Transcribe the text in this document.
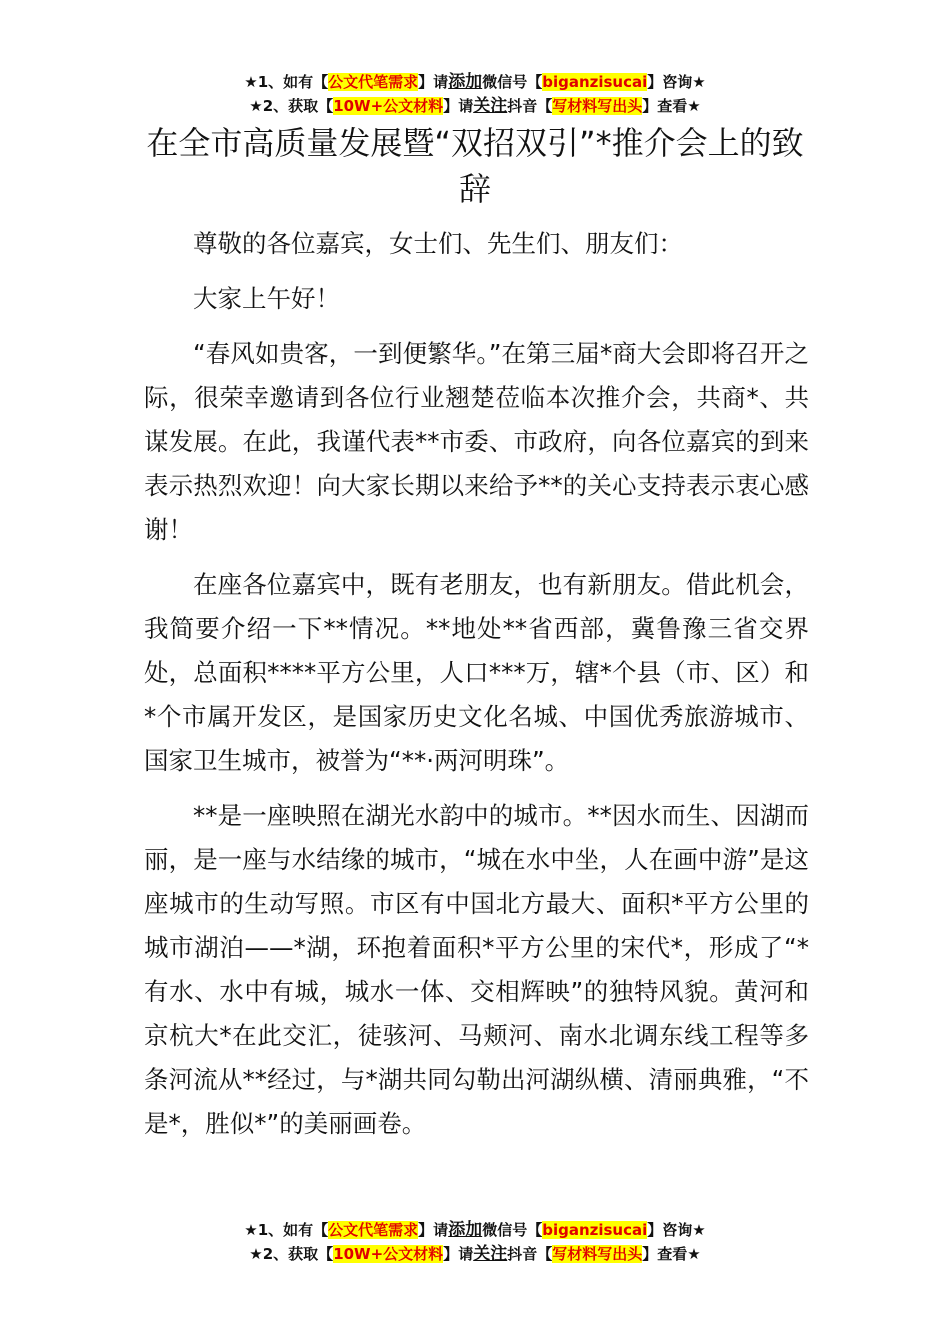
★1、如有【公文代笔需求】请添加微信号【biganzisucai】咨询★
★2、获取【10W+公文材料】请关注抖音【写材料写出头】查看★
在全市高质量发展暨“双招双引”*推介会上的致辞

尊敬的各位嘉宾，女士们、先生们、朋友们：

大家上午好！

“春风如贵客，一到便繁华。”在第三届*商大会即将召开之际，很荣幸邀请到各位行业翘楚莅临本次推介会，共商*、共谋发展。在此，我谨代表**市委、市政府，向各位嘉宾的到来表示热烈欢迎！向大家长期以来给予**的关心支持表示衷心感谢！

在座各位嘉宾中，既有老朋友，也有新朋友。借此机会，我简要介绍一下**情况。**地处**省西部，冀鲁豫三省交界处，总面积****平方公里，人口***万，辖*个县（市、区）和*个市属开发区，是国家历史文化名城、中国优秀旅游城市、国家卫生城市，被誉为“**·两河明珠”。

**是一座映照在湖光水韵中的城市。**因水而生、因湖而丽，是一座与水结缘的城市，“城在水中坐，人在画中游”是这座城市的生动写照。市区有中国北方最大、面积*平方公里的城市湖泊——*湖，环抱着面积*平方公里的宋代*，形成了“*有水、水中有城，城水一体、交相辉映”的独特风貌。黄河和京杭大*在此交汇，徒骇河、马颊河、南水北调东线工程等多条河流从**经过，与*湖共同勾勒出河湖纵横、清丽典雅，“不是*，胜似*”的美丽画卷。

★1、如有【公文代笔需求】请添加微信号【biganzisucai】咨询★
★2、获取【10W+公文材料】请关注抖音【写材料写出头】查看★
